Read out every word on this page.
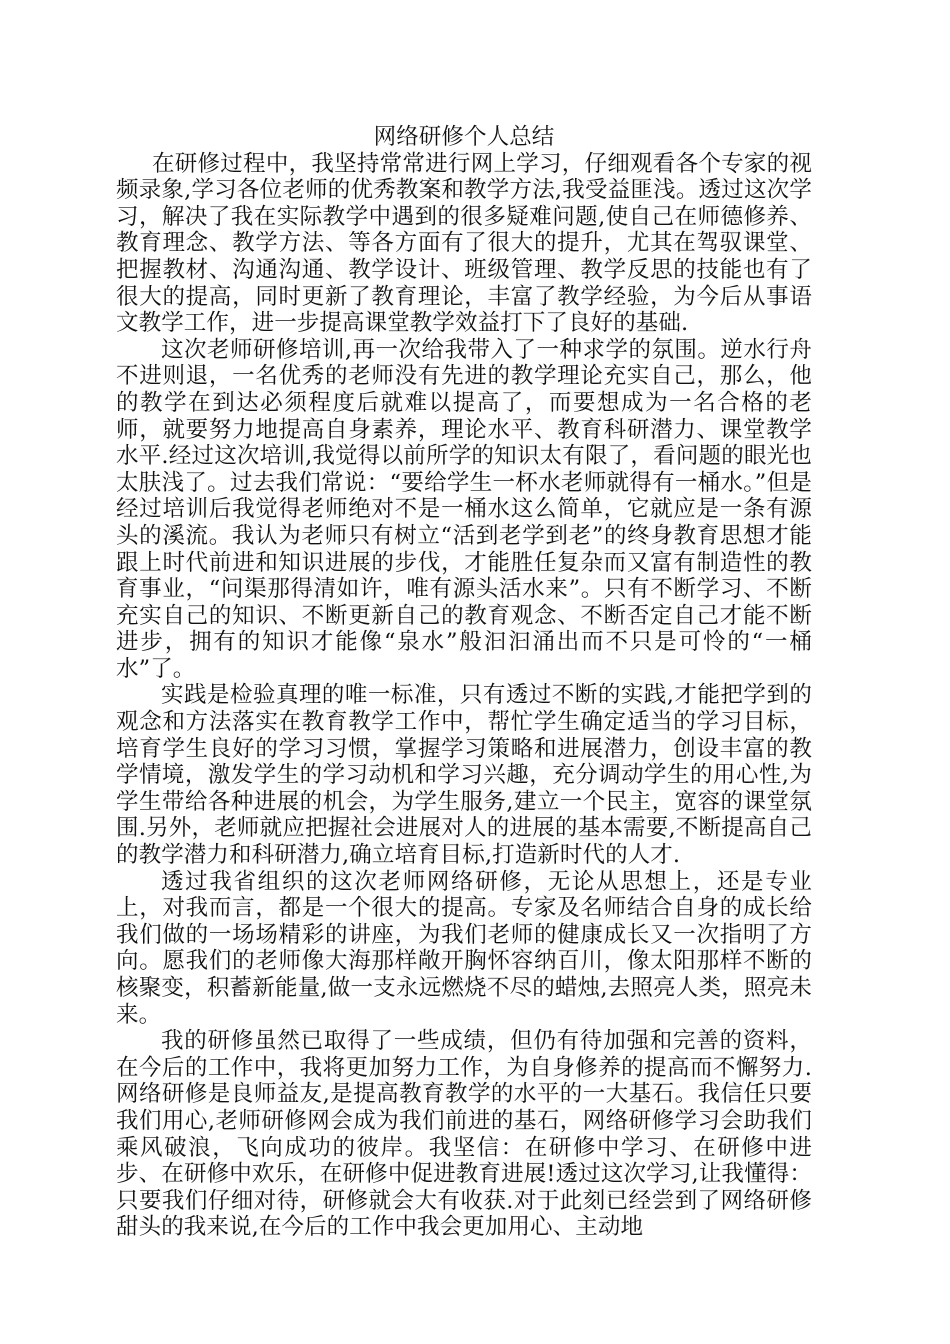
网络研修个人总结

在研修过程中，我坚持常常进行网上学习，仔细观看各个专家的视频录象,学习各位老师的优秀教案和教学方法,我受益匪浅。透过这次学习，解决了我在实际教学中遇到的很多疑难问题,使自己在师德修养、教育理念、教学方法、等各方面有了很大的提升，尤其在驾驭课堂、把握教材、沟通沟通、教学设计、班级管理、教学反思的技能也有了很大的提高，同时更新了教育理论，丰富了教学经验，为今后从事语文教学工作，进一步提高课堂教学效益打下了良好的基础.

这次老师研修培训,再一次给我带入了一种求学的氛围。逆水行舟不进则退，一名优秀的老师没有先进的教学理论充实自己，那么，他的教学在到达必须程度后就难以提高了，而要想成为一名合格的老师，就要努力地提高自身素养，理论水平、教育科研潜力、课堂教学水平.经过这次培训,我觉得以前所学的知识太有限了，看问题的眼光也太肤浅了。过去我们常说：“要给学生一杯水老师就得有一桶水。”但是经过培训后我觉得老师绝对不是一桶水这么简单，它就应是一条有源头的溪流。我认为老师只有树立“活到老学到老”的终身教育思想才能跟上时代前进和知识进展的步伐，才能胜任复杂而又富有制造性的教育事业，“问渠那得清如许，唯有源头活水来”。只有不断学习、不断充实自己的知识、不断更新自己的教育观念、不断否定自己才能不断进步，拥有的知识才能像“泉水”般汩汩涌出而不只是可怜的“一桶水”了。

实践是检验真理的唯一标准，只有透过不断的实践,才能把学到的观念和方法落实在教育教学工作中，帮忙学生确定适当的学习目标，培育学生良好的学习习惯，掌握学习策略和进展潜力，创设丰富的教学情境，激发学生的学习动机和学习兴趣，充分调动学生的用心性,为学生带给各种进展的机会，为学生服务,建立一个民主，宽容的课堂氛围.另外，老师就应把握社会进展对人的进展的基本需要,不断提高自己的教学潜力和科研潜力,确立培育目标,打造新时代的人才.

透过我省组织的这次老师网络研修，无论从思想上，还是专业上，对我而言，都是一个很大的提高。专家及名师结合自身的成长给我们做的一场场精彩的讲座，为我们老师的健康成长又一次指明了方向。愿我们的老师像大海那样敞开胸怀容纳百川，像太阳那样不断的核聚变，积蓄新能量,做一支永远燃烧不尽的蜡烛,去照亮人类，照亮未来。

我的研修虽然已取得了一些成绩，但仍有待加强和完善的资料，在今后的工作中，我将更加努力工作，为自身修养的提高而不懈努力.网络研修是良师益友,是提高教育教学的水平的一大基石。我信任只要我们用心,老师研修网会成为我们前进的基石，网络研修学习会助我们乘风破浪，飞向成功的彼岸。我坚信：在研修中学习、在研修中进步、在研修中欢乐，在研修中促进教育进展!透过这次学习,让我懂得：只要我们仔细对待，研修就会大有收获.对于此刻已经尝到了网络研修甜头的我来说,在今后的工作中我会更加用心、主动地
